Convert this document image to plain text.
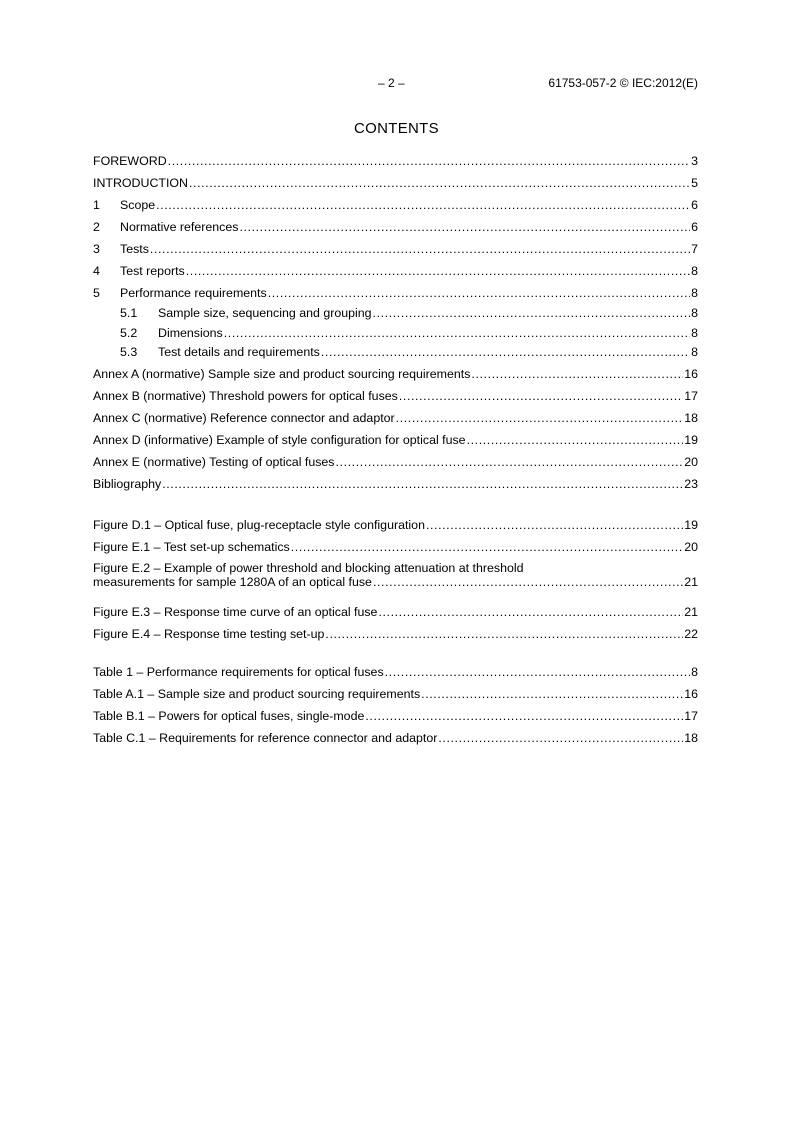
– 2 –	61753-057-2 © IEC:2012(E)
CONTENTS
FOREWORD .....	3
INTRODUCTION .....	5
1	Scope .....	6
2	Normative references .....	6
3	Tests .....	7
4	Test reports .....	8
5	Performance requirements .....	8
5.1	Sample size, sequencing and grouping .....	8
5.2	Dimensions .....	8
5.3	Test details and requirements .....	8
Annex A (normative) Sample size and product sourcing requirements .....	16
Annex B (normative) Threshold powers for optical fuses .....	17
Annex C (normative) Reference connector and adaptor .....	18
Annex D (informative) Example of style configuration for optical fuse .....	19
Annex E (normative) Testing of optical fuses .....	20
Bibliography .....	23
Figure D.1 – Optical fuse, plug-receptacle style configuration .....	19
Figure E.1 – Test set-up schematics .....	20
Figure E.2 – Example of power threshold and blocking attenuation at threshold
measurements for sample 1280A of an optical fuse .....	21
Figure E.3 – Response time curve of an optical fuse .....	21
Figure E.4 – Response time testing set-up .....	22
Table 1 – Performance requirements for optical fuses .....	8
Table A.1 – Sample size and product sourcing requirements .....	16
Table B.1 – Powers for optical fuses, single-mode .....	17
Table C.1 – Requirements for reference connector and adaptor .....	18
